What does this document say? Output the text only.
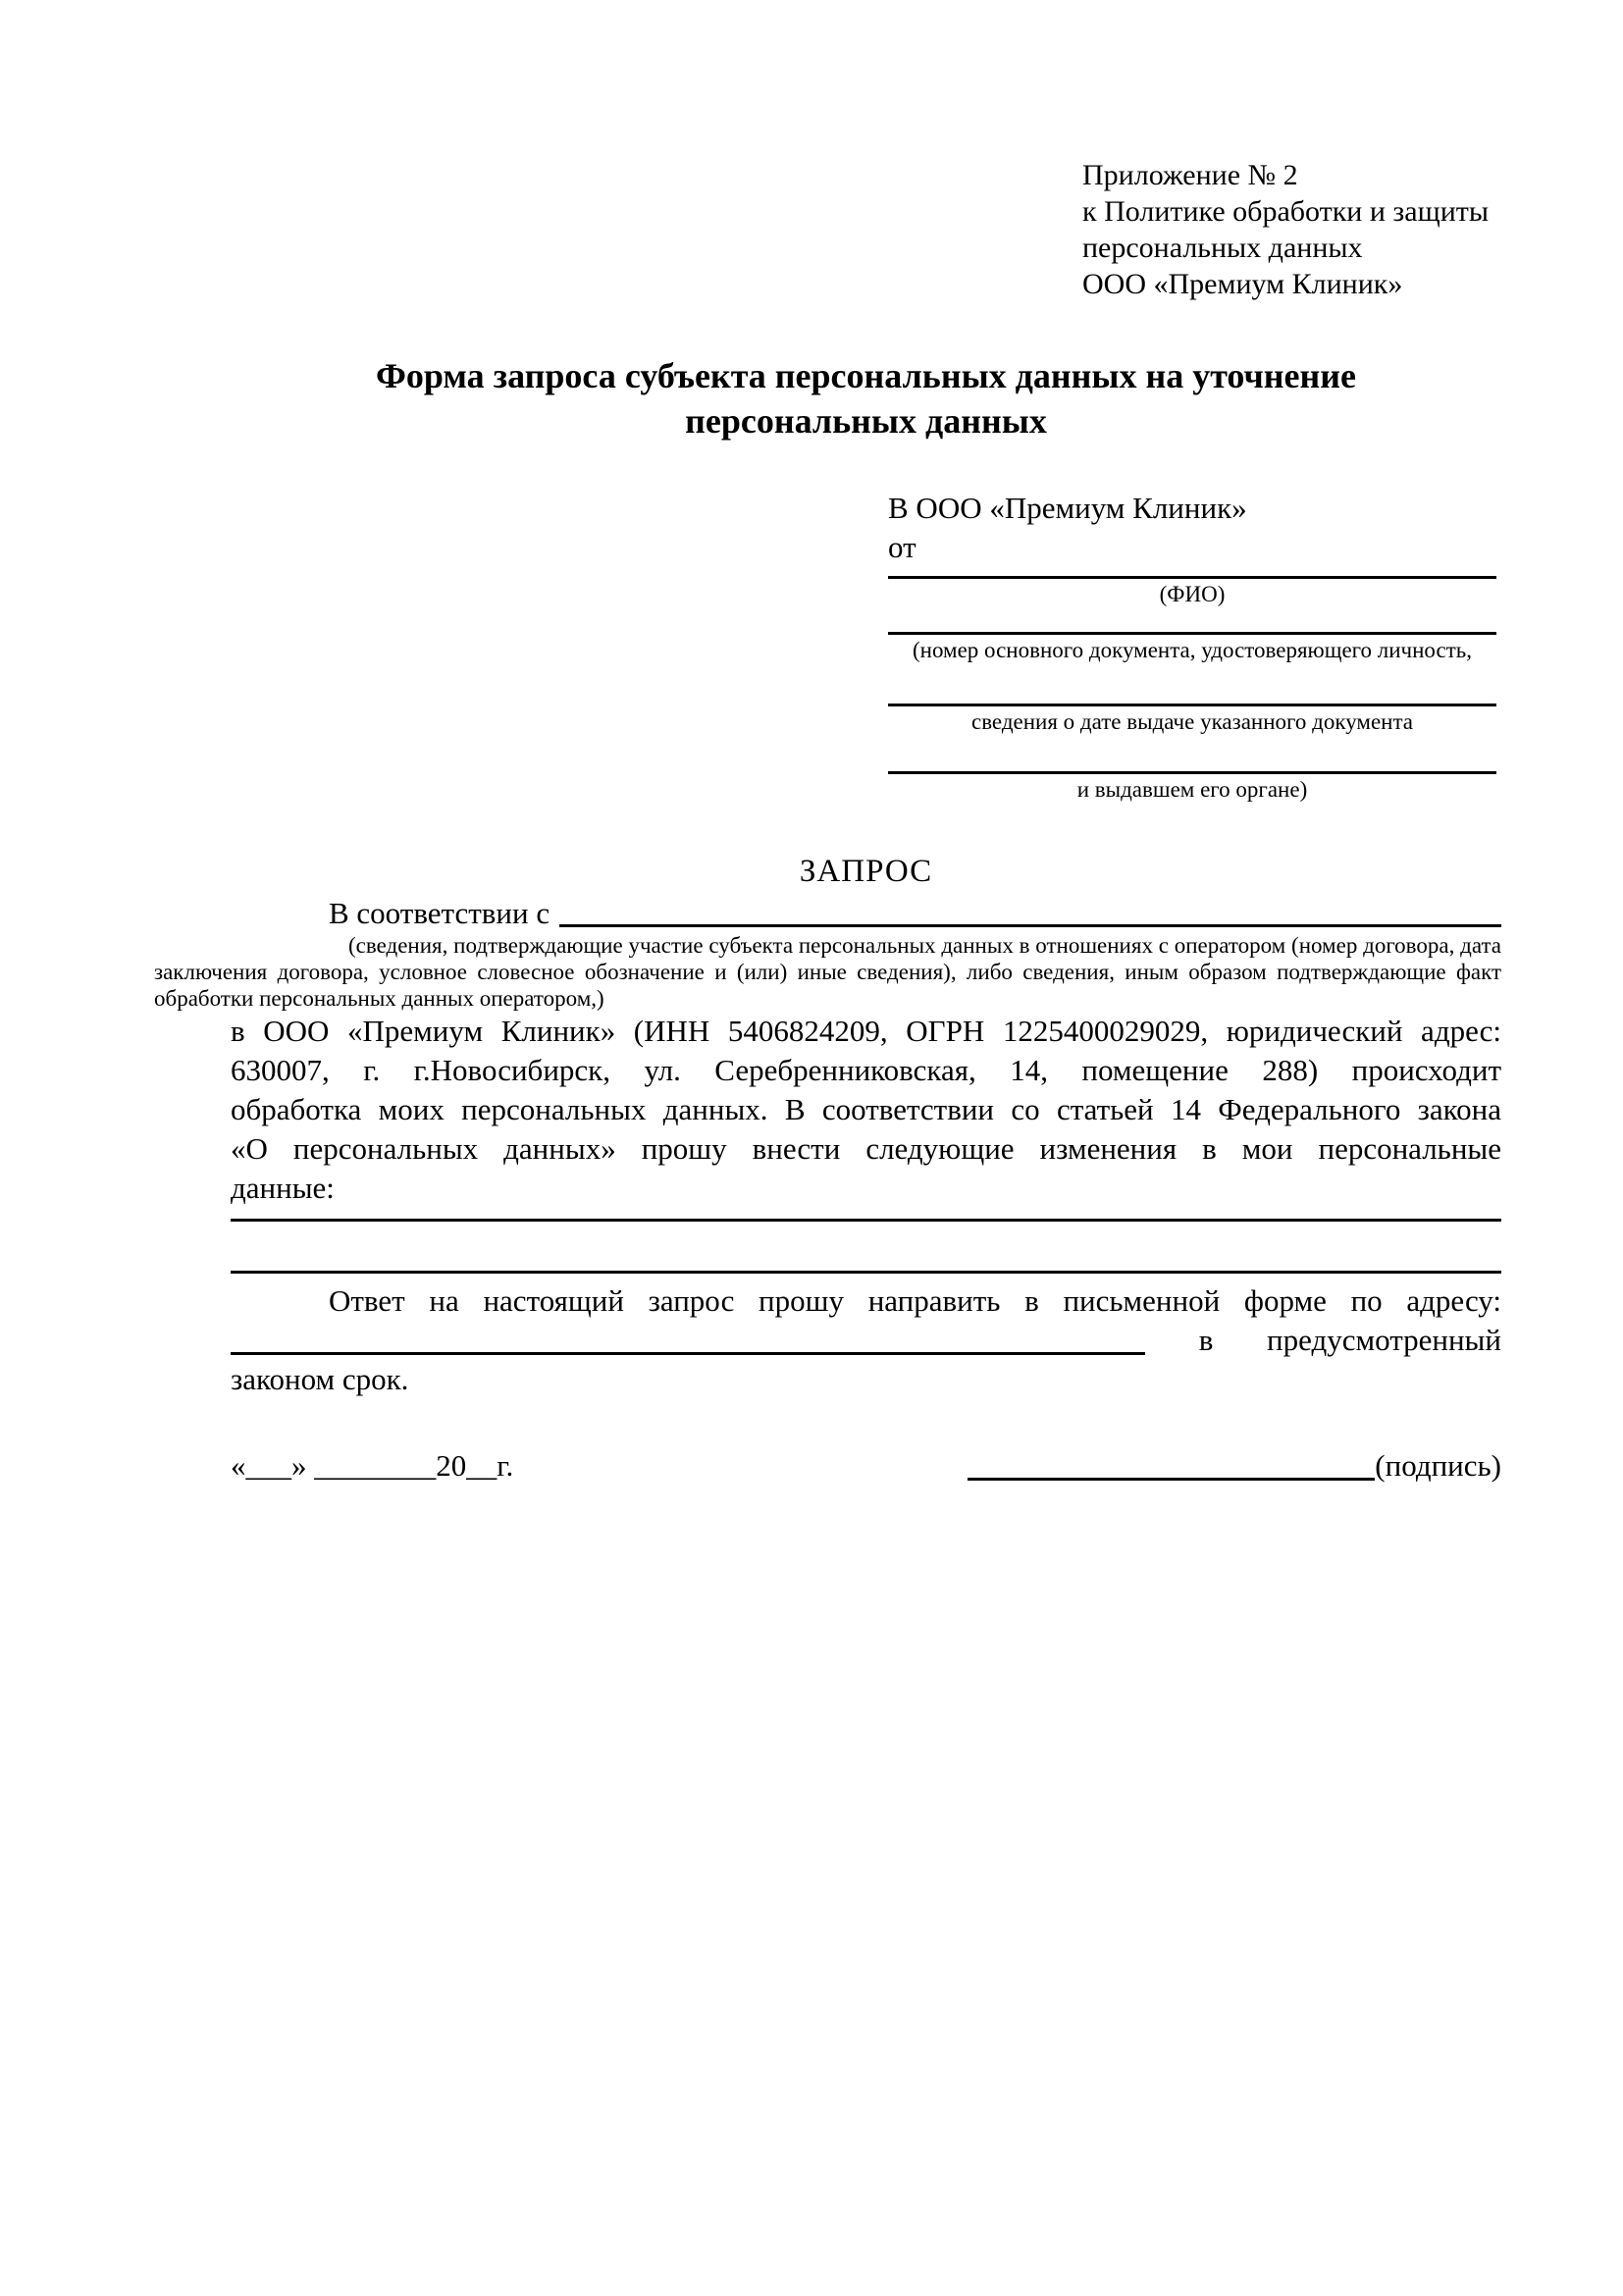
Приложение № 2
к Политике обработки и защиты
персональных данных
ООО «Премиум Клиник»
Форма запроса субъекта персональных данных на уточнение
персональных данных
В ООО «Премиум Клиник»
от
(ФИО)
(номер основного документа, удостоверяющего личность,
сведения о дате выдаче указанного документа
и выдавшем его органе)
ЗАПРОС
В соответствии с
(сведения, подтверждающие участие субъекта персональных данных в отношениях с оператором (номер договора, дата
заключения договора, условное словесное обозначение и (или) иные сведения), либо сведения, иным образом подтверждающие факт
обработки персональных данных оператором,)
в ООО «Премиум Клиник» (ИНН 5406824209, ОГРН 1225400029029, юридический адрес:
630007, г. г.Новосибирск, ул. Серебренниковская, 14, помещение 288) происходит
обработка моих персональных данных. В соответствии со статьей 14 Федерального закона
«О персональных данных» прошу внести следующие изменения в мои персональные
данные:
Ответ на настоящий запрос прошу направить в письменной форме по адресу:
в предусмотренный
законом срок.
«___» ________20__г.	(подпись)
